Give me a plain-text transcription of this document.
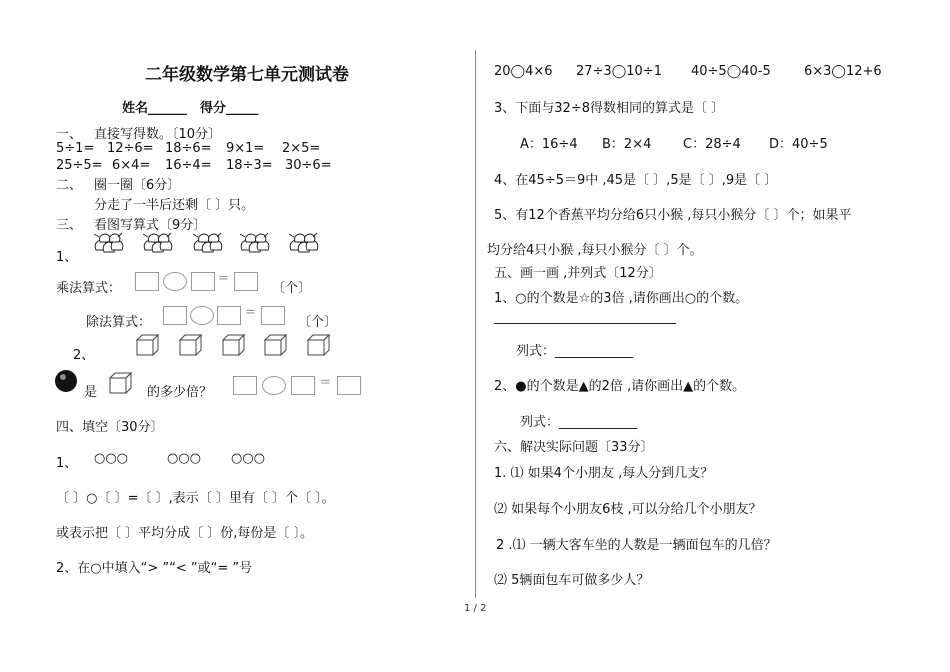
二年级数学第七单元测试卷
姓名______ 得分_____
一、 直接写得数。〔10分〕
5÷1= 12÷6= 18÷6= 9×1= 2×5=
25÷5= 6×4= 16÷4= 18÷3= 30÷6=
二、 圈一圈〔6分〕
分走了一半后还剩〔 〕只。
三、 看图写算式〔9分〕
1、
乘法算式：
=
〔个〕
除法算式：
=
〔个〕
2、
是	的多少倍？
=
四、填空〔30分〕
1、 ○○○	○○○ ○○○
〔 〕○〔 〕=〔 〕,表示〔 〕里有〔 〕个〔 〕。
或表示把〔 〕平均分成〔 〕份,每份是〔 〕。
2、在○中填入“> ”“< ”或“= ”号
20◯4×6 27÷3◯10÷1 40÷5◯40-5	6×3◯12+6
3、下面与32÷8得数相同的算式是〔 〕
A：16÷4 B：2×4 C：28÷4 D：40÷5
4、在45÷5＝9中 ,45是〔 〕,5是〔 〕,9是〔 〕
5、有12个香蕉平均分给6只小猴 ,每只小猴分〔 〕个；如果平
均分给4只小猴 ,每只小猴分〔 〕个。
五、画一画 ,并列式〔12分〕
1、○的个数是☆的3倍 ,请你画出○的个数。
____________________________
列式：____________
2、●的个数是▲的2倍 ,请你画出▲的个数。
列式：____________
六、解决实际问题〔33分〕
1. ⑴ 如果4个小朋友 ,每人分到几支？
⑵ 如果每个小朋友6枝 ,可以分给几个小朋友？
2 .⑴ 一辆大客车坐的人数是一辆面包车的几倍？
⑵ 5辆面包车可做多少人？
1 / 2
